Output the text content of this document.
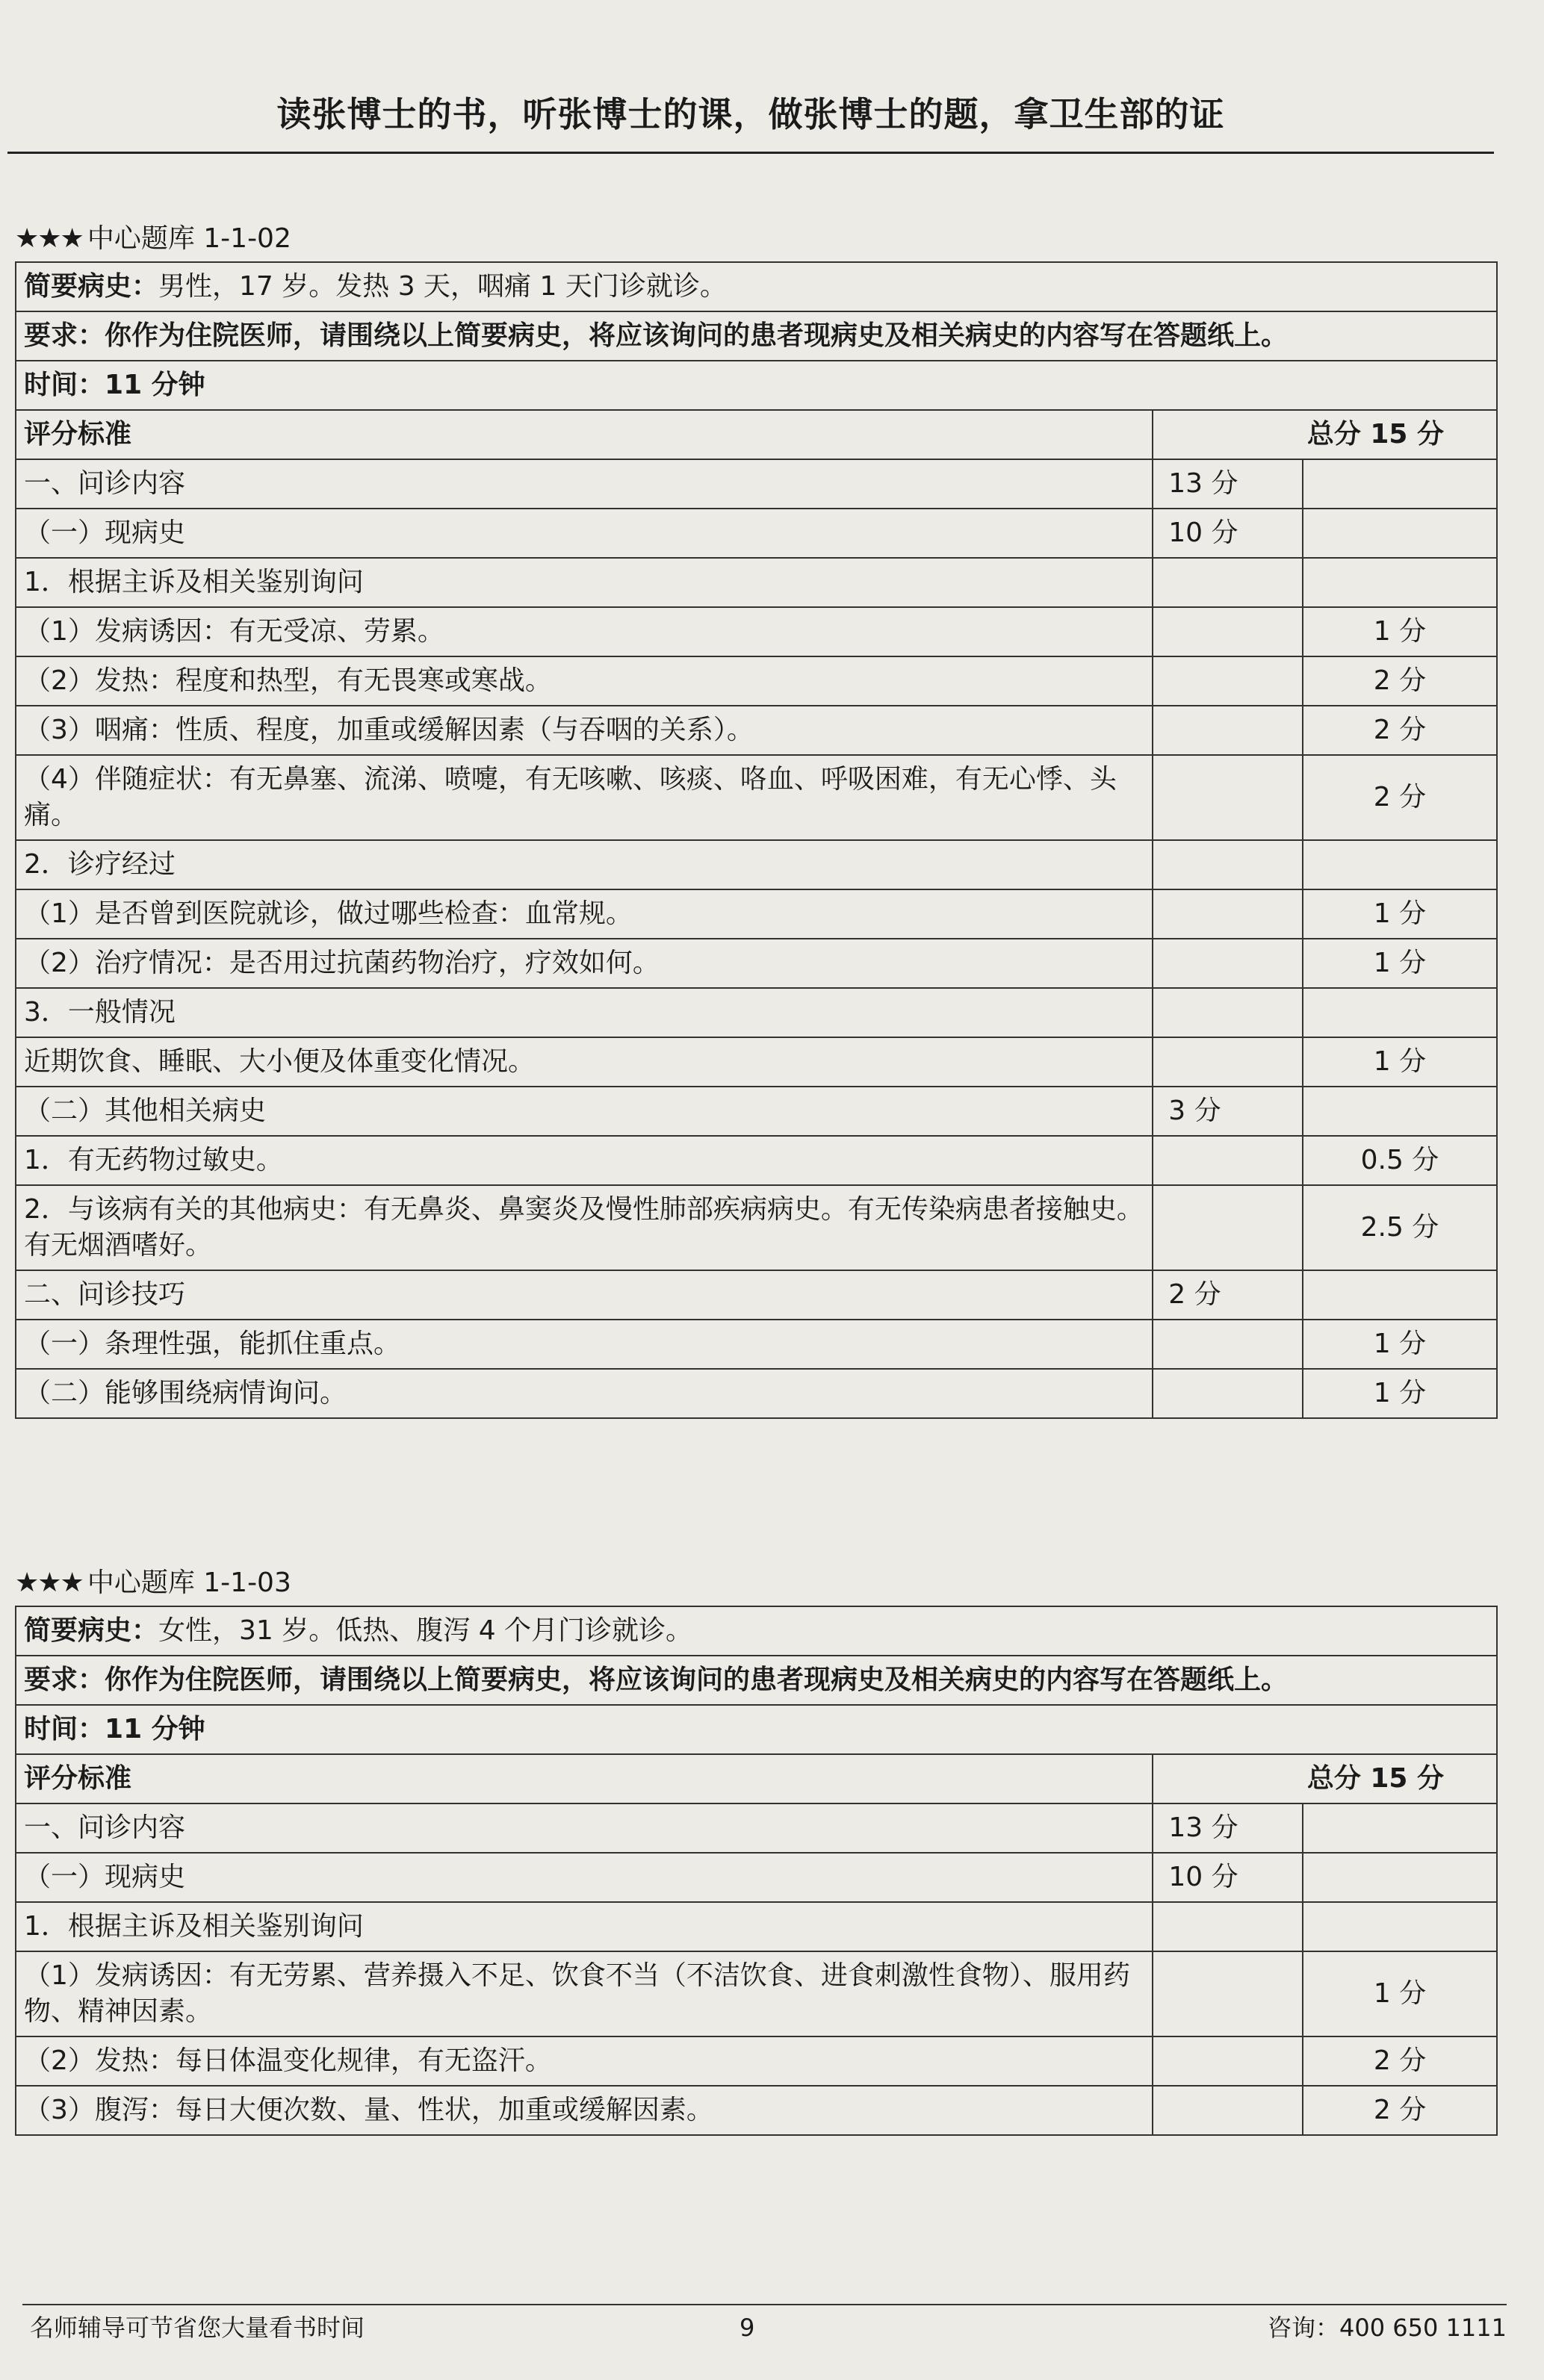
读张博士的书，听张博士的课，做张博士的题，拿卫生部的证
★★★ 中心题库 1-1-02
简要病史：男性，17 岁。发热 3 天，咽痛 1 天门诊就诊。		
要求：你作为住院医师，请围绕以上简要病史，将应该询问的患者现病史及相关病史的内容写在答题纸上。		
时间：11 分钟		
评分标准	总分 15 分	
一、问诊内容	13 分	
（一）现病史	10 分	
1．根据主诉及相关鉴别询问		
（1）发病诱因：有无受凉、劳累。		1 分
（2）发热：程度和热型，有无畏寒或寒战。		2 分
（3）咽痛：性质、程度，加重或缓解因素（与吞咽的关系）。		2 分
（4）伴随症状：有无鼻塞、流涕、喷嚏，有无咳嗽、咳痰、咯血、呼吸困难，有无心悸、头痛。		2 分
2．诊疗经过		
（1）是否曾到医院就诊，做过哪些检查：血常规。		1 分
（2）治疗情况：是否用过抗菌药物治疗，疗效如何。		1 分
3．一般情况		
近期饮食、睡眠、大小便及体重变化情况。		1 分
（二）其他相关病史	3 分	
1．有无药物过敏史。		0.5 分
2．与该病有关的其他病史：有无鼻炎、鼻窦炎及慢性肺部疾病病史。有无传染病患者接触史。有无烟酒嗜好。		2.5 分
二、问诊技巧	2 分	
（一）条理性强，能抓住重点。		1 分
（二）能够围绕病情询问。		1 分
★★★ 中心题库 1-1-03
简要病史：女性，31 岁。低热、腹泻 4 个月门诊就诊。		
要求：你作为住院医师，请围绕以上简要病史，将应该询问的患者现病史及相关病史的内容写在答题纸上。		
时间：11 分钟		
评分标准	总分 15 分	
一、问诊内容	13 分	
（一）现病史	10 分	
1．根据主诉及相关鉴别询问		
（1）发病诱因：有无劳累、营养摄入不足、饮食不当（不洁饮食、进食刺激性食物）、服用药物、精神因素。		1 分
（2）发热：每日体温变化规律，有无盗汗。		2 分
（3）腹泻：每日大便次数、量、性状，加重或缓解因素。		2 分
名师辅导可节省您大量看书时间	9	咨询：400 650 1111
